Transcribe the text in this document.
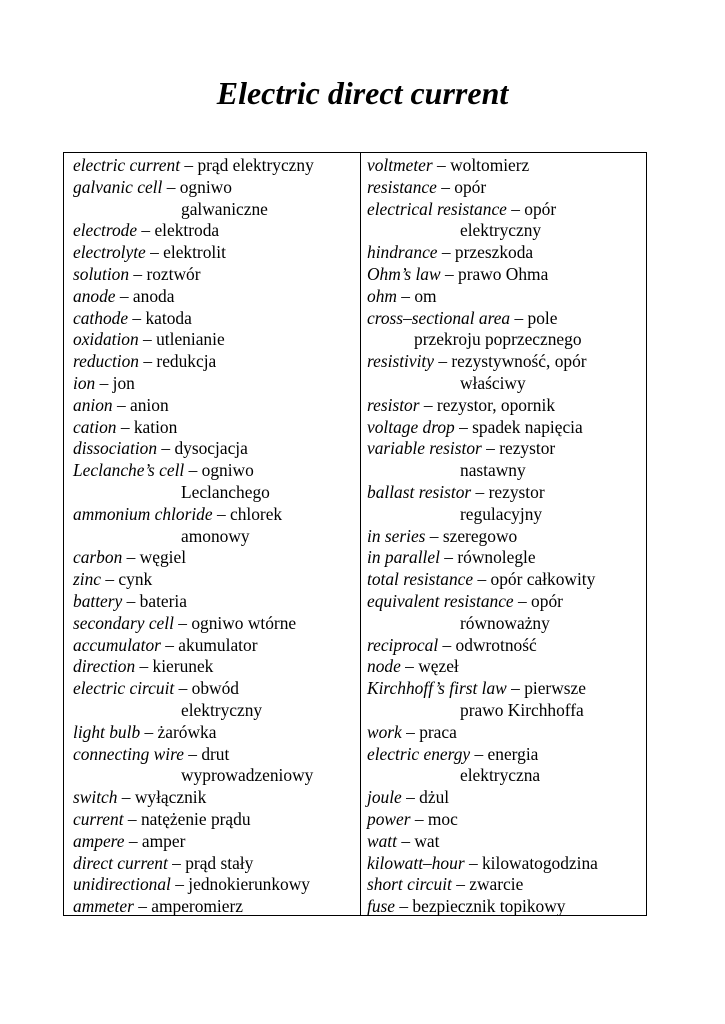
Electric direct current
electric current – prąd elektryczny
galvanic cell – ogniwo
galwaniczne
electrode – elektroda
electrolyte – elektrolit
solution – roztwór
anode – anoda
cathode – katoda
oxidation – utlenianie
reduction – redukcja
ion – jon
anion – anion
cation – kation
dissociation – dysocjacja
Leclanche’s cell – ogniwo
Leclanchego
ammonium chloride – chlorek
amonowy
carbon – węgiel
zinc – cynk
battery – bateria
secondary cell – ogniwo wtórne
accumulator – akumulator
direction – kierunek
electric circuit – obwód
elektryczny
light bulb – żarówka
connecting wire – drut
wyprowadzeniowy
switch – wyłącznik
current – natężenie prądu
ampere – amper
direct current – prąd stały
unidirectional – jednokierunkowy
ammeter – amperomierz
voltmeter – woltomierz
resistance – opór
electrical resistance – opór
elektryczny
hindrance – przeszkoda
Ohm’s law – prawo Ohma
ohm – om
cross–sectional area – pole
przekroju poprzecznego
resistivity – rezystywność, opór
właściwy
resistor – rezystor, opornik
voltage drop – spadek napięcia
variable resistor – rezystor
nastawny
ballast resistor – rezystor
regulacyjny
in series – szeregowo
in parallel – równolegle
total resistance – opór całkowity
equivalent resistance – opór
równoważny
reciprocal – odwrotność
node – węzeł
Kirchhoff’s first law – pierwsze
prawo Kirchhoffa
work – praca
electric energy – energia
elektryczna
joule – dżul
power – moc
watt – wat
kilowatt–hour – kilowatogodzina
short circuit – zwarcie
fuse – bezpiecznik topikowy
